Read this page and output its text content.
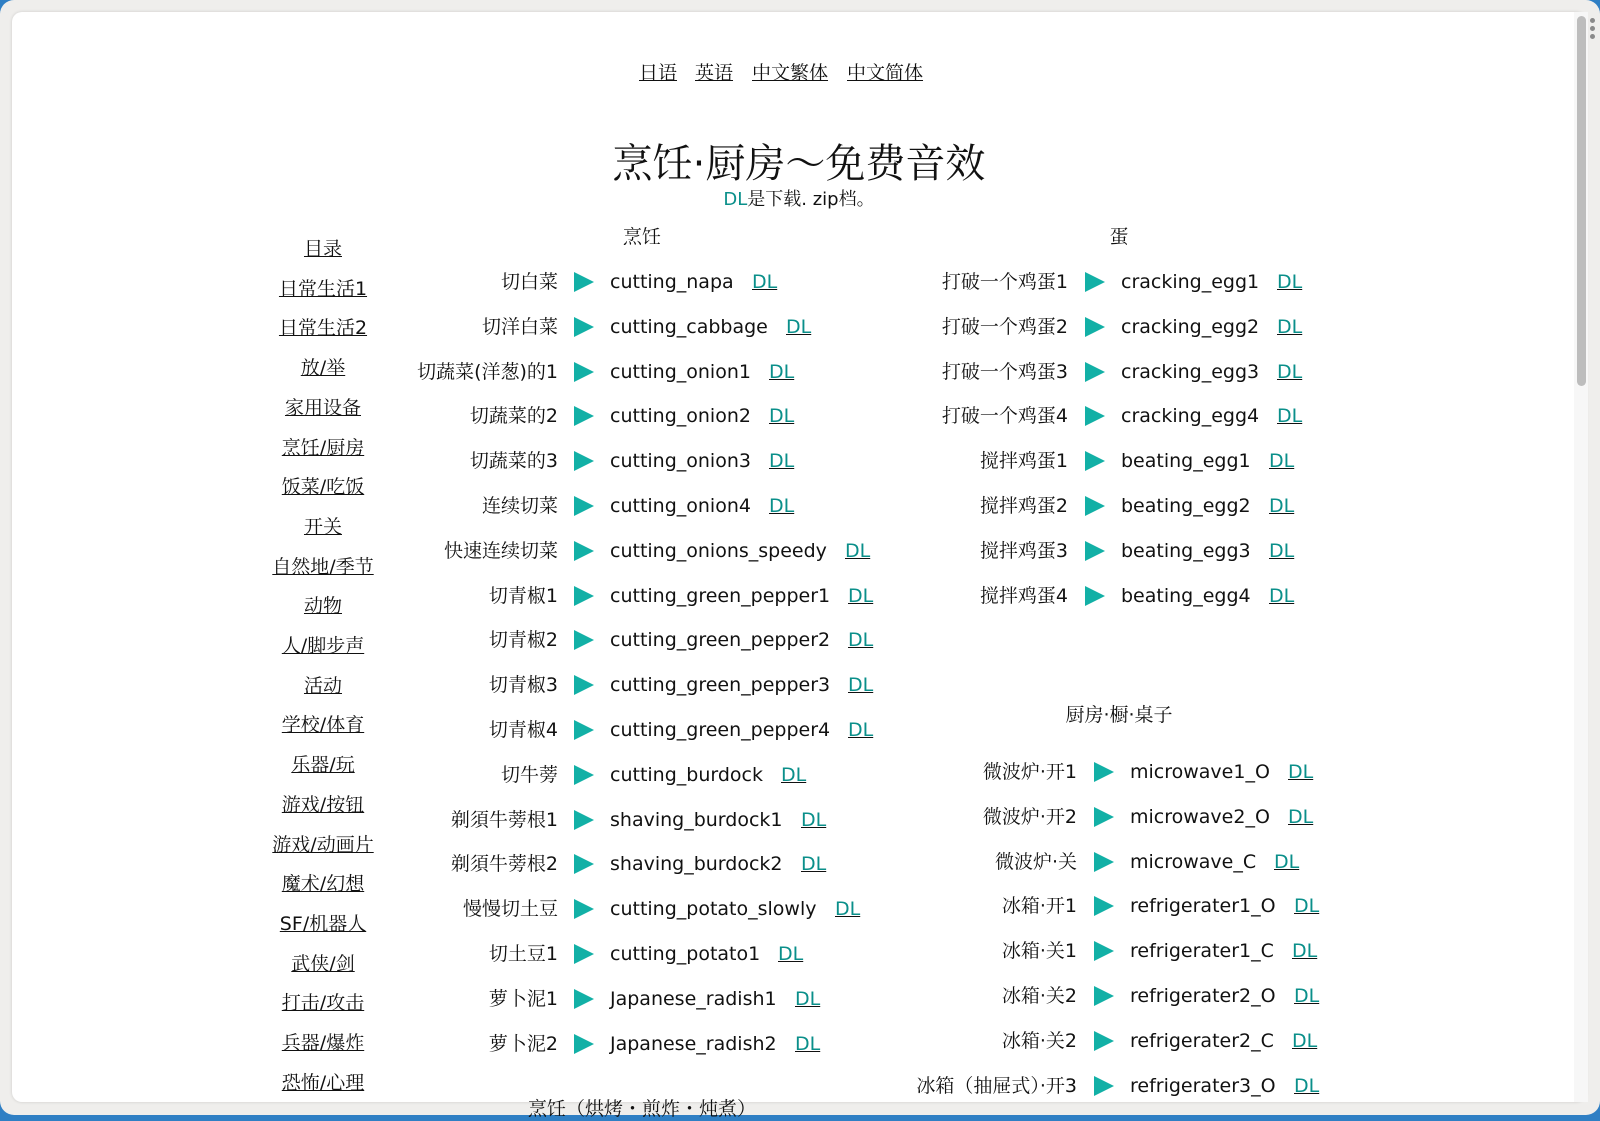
日语 英语 中文繁体 中文简体
烹饪·厨房～免费音效
DL是下载. zip档。
烹饪	蛋
厨房·橱·桌子
烹饪（烘烤・煎炸・炖煮）
目录
日常生活1
日常生活2
放/举
家用设备
烹饪/厨房
饭菜/吃饭
开关
自然地/季节
动物
人/脚步声
活动
学校/体育
乐器/玩
游戏/按钮
游戏/动画片
魔术/幻想
SF/机器人
武侠/剑
打击/攻击
兵器/爆炸
恐怖/心理
切白菜	cutting_napa DL
切洋白菜	cutting_cabbage DL
切蔬菜(洋葱)的1	cutting_onion1 DL
切蔬菜的2	cutting_onion2 DL
切蔬菜的3	cutting_onion3 DL
连续切菜	cutting_onion4 DL
快速连续切菜	cutting_onions_speedy DL
切青椒1	cutting_green_pepper1 DL
切青椒2	cutting_green_pepper2 DL
切青椒3	cutting_green_pepper3 DL
切青椒4	cutting_green_pepper4 DL
切牛蒡	cutting_burdock DL
剃須牛蒡根1	shaving_burdock1 DL
剃須牛蒡根2	shaving_burdock2 DL
慢慢切土豆	cutting_potato_slowly DL
切土豆1	cutting_potato1 DL
萝卜泥1	Japanese_radish1 DL
萝卜泥2	Japanese_radish2 DL
打破一个鸡蛋1	cracking_egg1 DL
打破一个鸡蛋2	cracking_egg2 DL
打破一个鸡蛋3	cracking_egg3 DL
打破一个鸡蛋4	cracking_egg4 DL
搅拌鸡蛋1	beating_egg1 DL
搅拌鸡蛋2	beating_egg2 DL
搅拌鸡蛋3	beating_egg3 DL
搅拌鸡蛋4	beating_egg4 DL
微波炉·开1	microwave1_O DL
微波炉·开2	microwave2_O DL
微波炉·关	microwave_C DL
冰箱·开1	refrigerater1_O DL
冰箱·关1	refrigerater1_C DL
冰箱·关2	refrigerater2_O DL
冰箱·关2	refrigerater2_C DL
冰箱（抽屉式）·开3	refrigerater3_O DL
